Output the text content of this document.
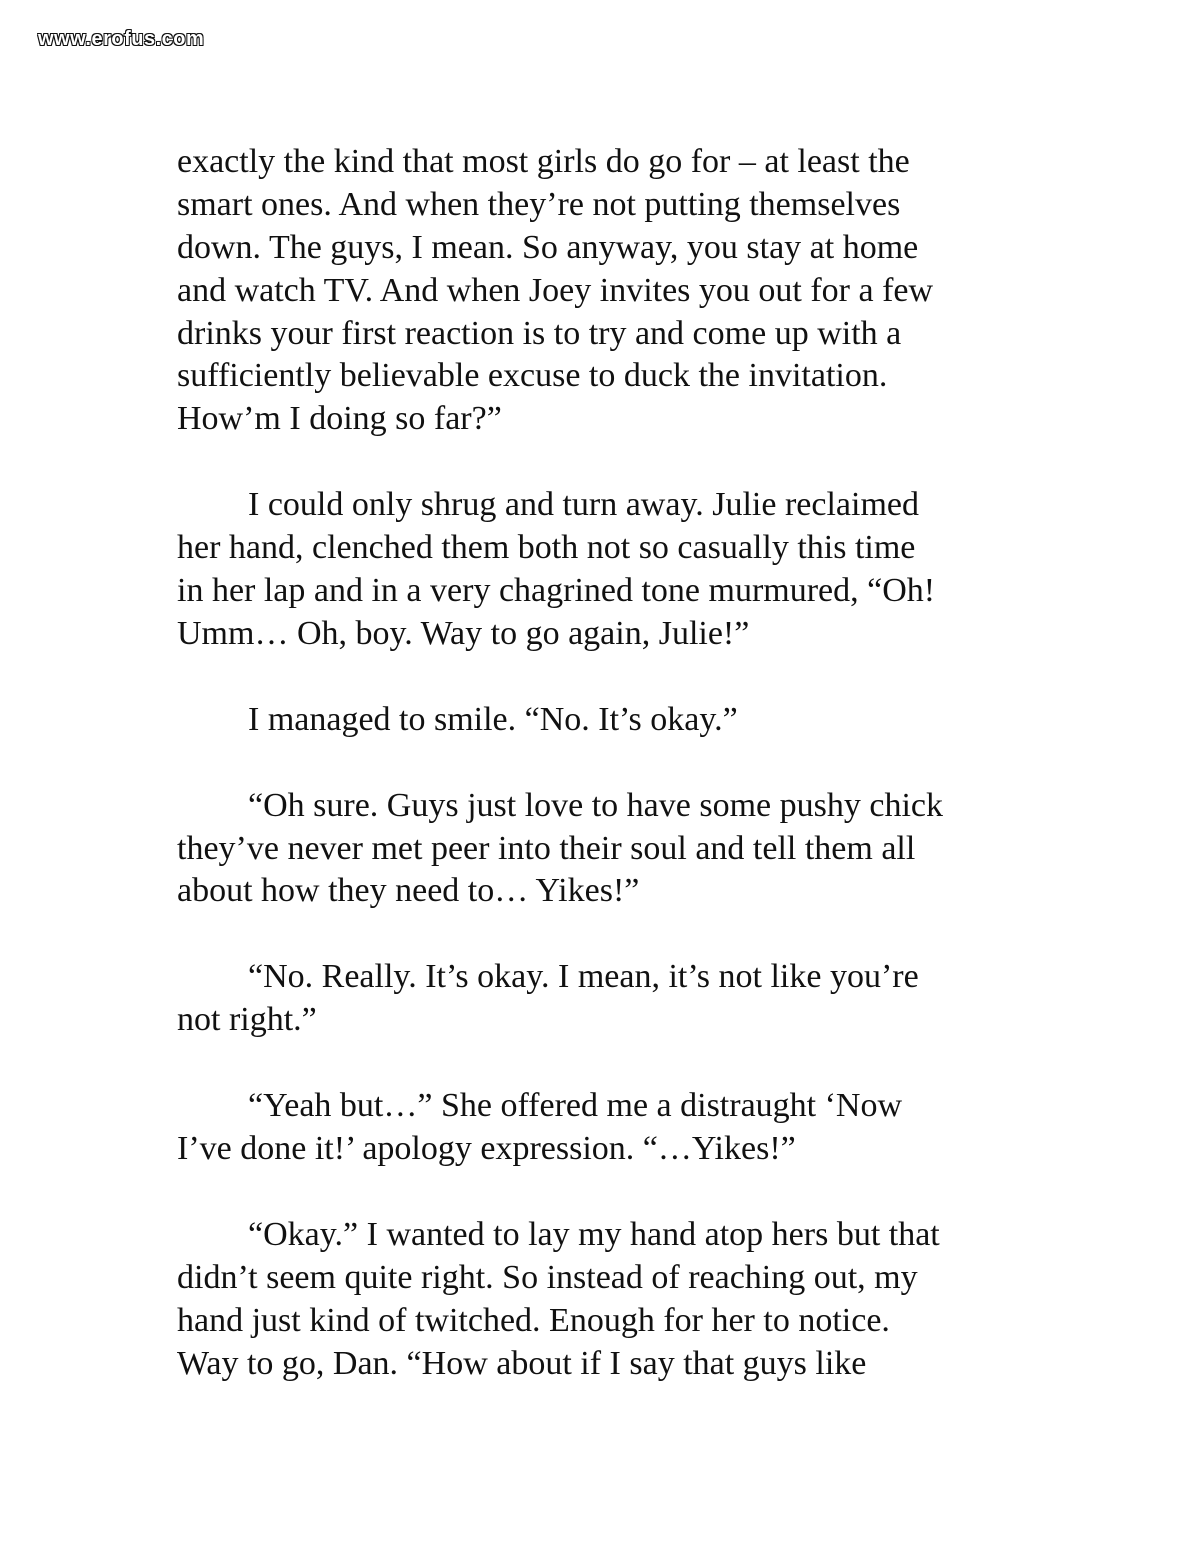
www.erofus.com
exactly the kind that most girls do go for – at least the
smart ones. And when they’re not putting themselves
down. The guys, I mean. So anyway, you stay at home
and watch TV. And when Joey invites you out for a few
drinks your first reaction is to try and come up with a
sufficiently believable excuse to duck the invitation.
How’m I doing so far?”
I could only shrug and turn away. Julie reclaimed
her hand, clenched them both not so casually this time
in her lap and in a very chagrined tone murmured, “Oh!
Umm… Oh, boy. Way to go again, Julie!”
I managed to smile. “No. It’s okay.”
“Oh sure. Guys just love to have some pushy chick
they’ve never met peer into their soul and tell them all
about how they need to… Yikes!”
“No. Really. It’s okay. I mean, it’s not like you’re
not right.”
“Yeah but…” She offered me a distraught ‘Now
I’ve done it!’ apology expression. “…Yikes!”
“Okay.” I wanted to lay my hand atop hers but that
didn’t seem quite right. So instead of reaching out, my
hand just kind of twitched. Enough for her to notice.
Way to go, Dan. “How about if I say that guys like
